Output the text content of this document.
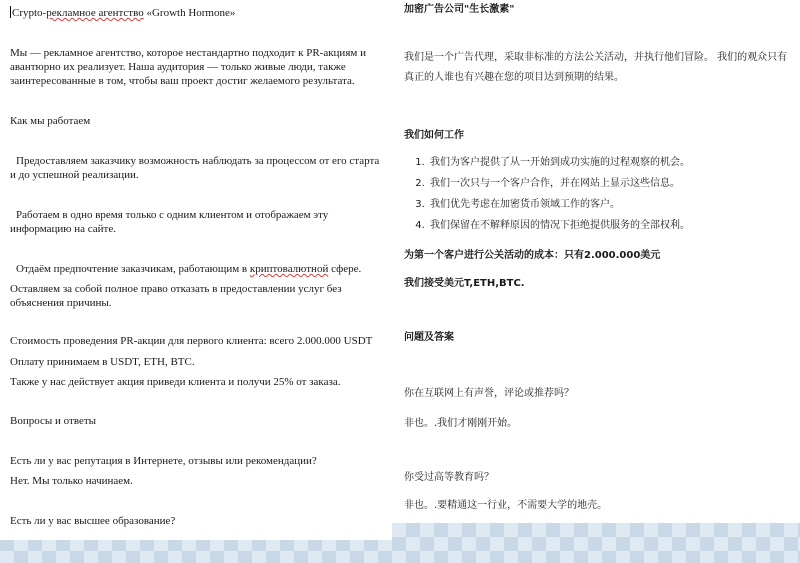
Crypto-рекламное агентство «Growth Hormone»

Мы — рекламное агентство, которое нестандартно подходит к PR-акциям и авантюрно их реализует. Наша аудитория — только живые люди, также заинтересованные в том, чтобы ваш проект достиг желаемого результата.

Как мы работаем

Предоставляем заказчику возможность наблюдать за процессом от его старта и до успешной реализации.

Работаем в одно время только с одним клиентом и отображаем эту информацию на сайте.

Отдаём предпочтение заказчикам, работающим в криптовалютной сфере.

Оставляем за собой полное право отказать в предоставлении услуг без объяснения причины.

Стоимость проведения PR-акции для первого клиента: всего 2.000.000 USDT

Оплату принимаем в USDT, ETH, BTC.

Также у нас действует акция приведи клиента и получи 25% от заказа.

Вопросы и ответы

Есть ли у вас репутация в Интернете, отзывы или рекомендации?

Нет. Мы только начинаем.

Есть ли у вас высшее образование?

加密广告公司"生长激素"

我们是一个广告代理，采取非标准的方法公关活动，并执行他们冒险。 我们的观众只有真正的人谁也有兴趣在您的项目达到预期的结果。

我们如何工作

1. 我们为客户提供了从一开始到成功实施的过程观察的机会。
2. 我们一次只与一个客户合作，并在网站上显示这些信息。
3. 我们优先考虑在加密货币领域工作的客户。
4. 我们保留在不解释原因的情况下拒绝提供服务的全部权利。

为第一个客户进行公关活动的成本：只有2.000.000美元

我们接受美元T,ETH,BTC.

问题及答案

你在互联网上有声誉，评论或推荐吗？

非也。.我们才刚刚开始。

你受过高等教育吗？

非也。.要精通这一行业，不需要大学的地壳。
